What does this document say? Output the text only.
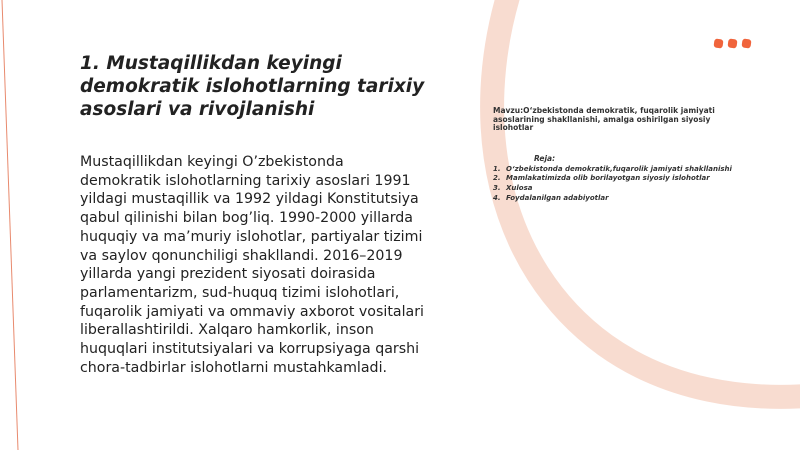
1. Mustaqillikdan keyingi demokratik islohotlarning tarixiy asoslari va rivojlanishi

Mustaqillikdan keyingi O’zbekistonda demokratik islohotlarning tarixiy asoslari 1991 yildagi mustaqillik va 1992 yildagi Konstitutsiya qabul qilinishi bilan bog’liq. 1990-2000 yillarda huquqiy va ma’muriy islohotlar, partiyalar tizimi va saylov qonunchiligi shakllandi. 2016–2019 yillarda yangi prezident siyosati doirasida parlamentarizm, sud-huquq tizimi islohotlari, fuqarolik jamiyati va ommaviy axborot vositalari liberallashtirildi. Xalqaro hamkorlik, inson huquqlari institutsiyalari va korrupsiyaga qarshi chora-tadbirlar islohotlarni mustahkamladi.

Mavzu:O‘zbekistonda demokratik, fuqarolik jamiyati asoslarining shakllanishi, amalga oshirilgan siyosiy islohotlar

Reja:

1. O‘zbekistonda demokratik,fuqarolik jamiyati shakllanishi
2. Mamlakatimizda olib borilayotgan siyosiy islohotlar
3. Xulosa
4. Foydalanilgan adabiyotlar
